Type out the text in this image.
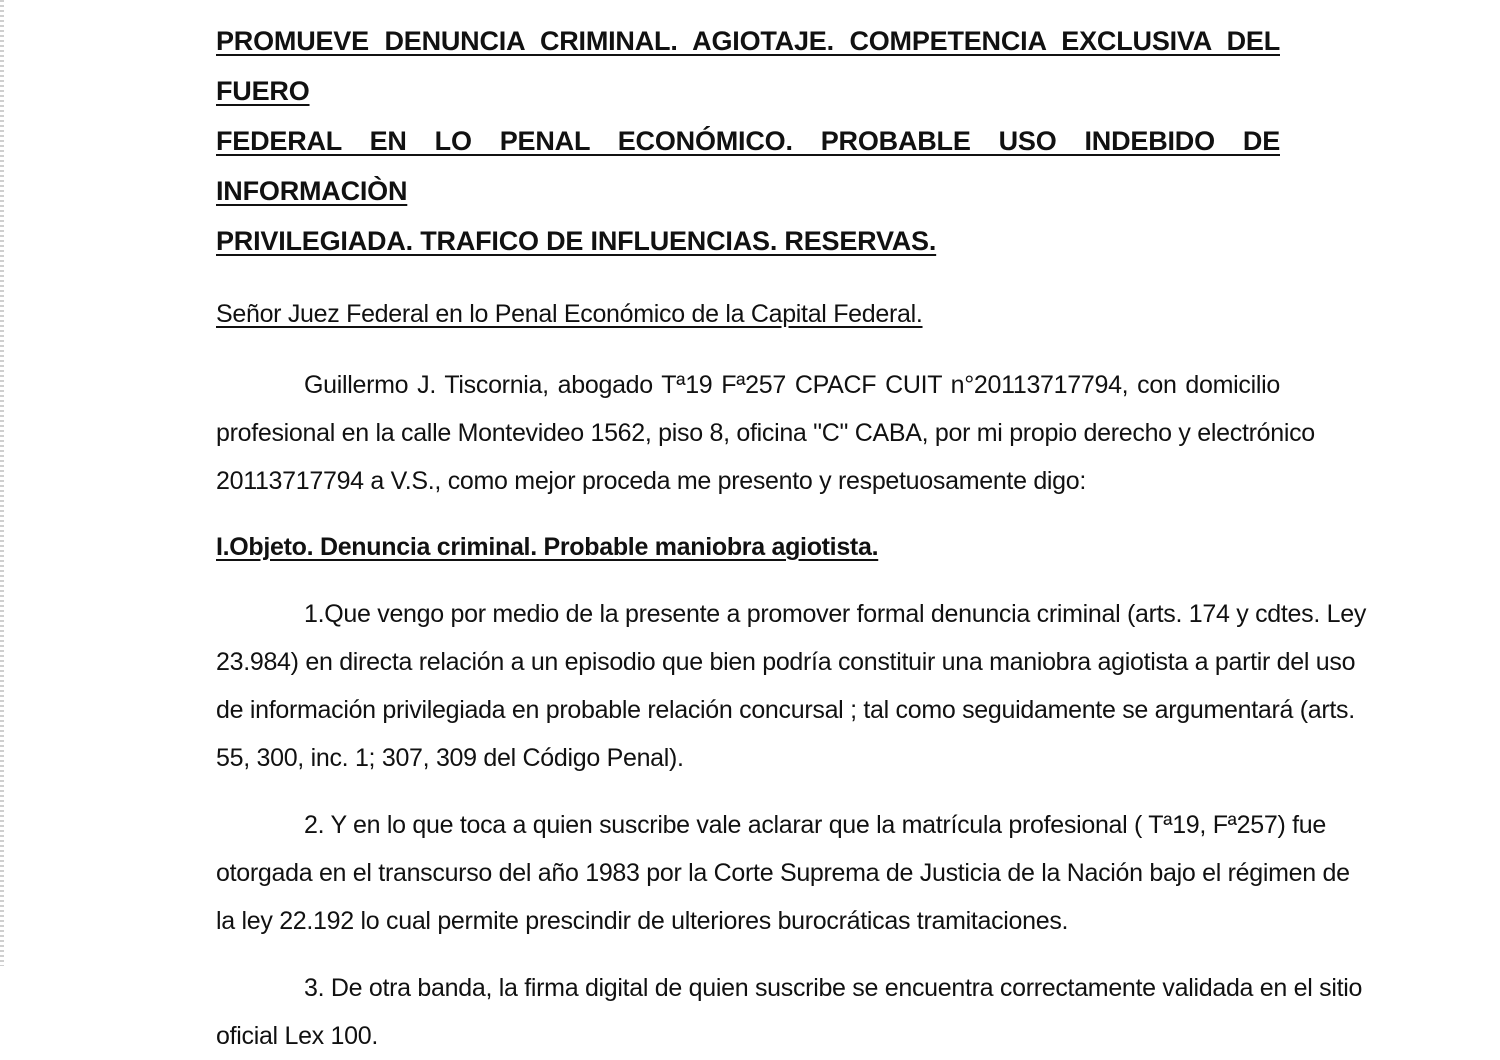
PROMUEVE DENUNCIA CRIMINAL. AGIOTAJE. COMPETENCIA EXCLUSIVA DEL FUERO
FEDERAL EN LO PENAL ECONÓMICO. PROBABLE USO INDEBIDO DE INFORMACIÒN
PRIVILEGIADA. TRAFICO DE INFLUENCIAS. RESERVAS.
Señor Juez Federal en lo Penal Económico de la Capital Federal.
Guillermo J. Tiscornia, abogado Tª19 Fª257 CPACF CUIT n°20113717794, con domicilio
profesional en la calle Montevideo 1562, piso 8, oficina "C" CABA, por mi propio derecho y electrónico
20113717794 a V.S., como mejor proceda me presento y respetuosamente digo:
I.Objeto. Denuncia criminal. Probable maniobra agiotista.
1.Que vengo por medio de la presente a promover formal denuncia criminal (arts. 174 y cdtes. Ley
23.984) en directa relación a un episodio que bien podría constituir una maniobra agiotista a partir del uso
de información privilegiada en probable relación concursal ; tal como seguidamente se argumentará (arts.
55, 300, inc. 1; 307, 309 del Código Penal).
2. Y en lo que toca a quien suscribe vale aclarar que la matrícula profesional ( Tª19, Fª257) fue
otorgada en el transcurso del año 1983 por la Corte Suprema de Justicia de la Nación bajo el régimen de
la ley 22.192 lo cual permite prescindir de ulteriores burocráticas tramitaciones.
3. De otra banda, la firma digital de quien suscribe se encuentra correctamente validada en el sitio
oficial Lex 100.
